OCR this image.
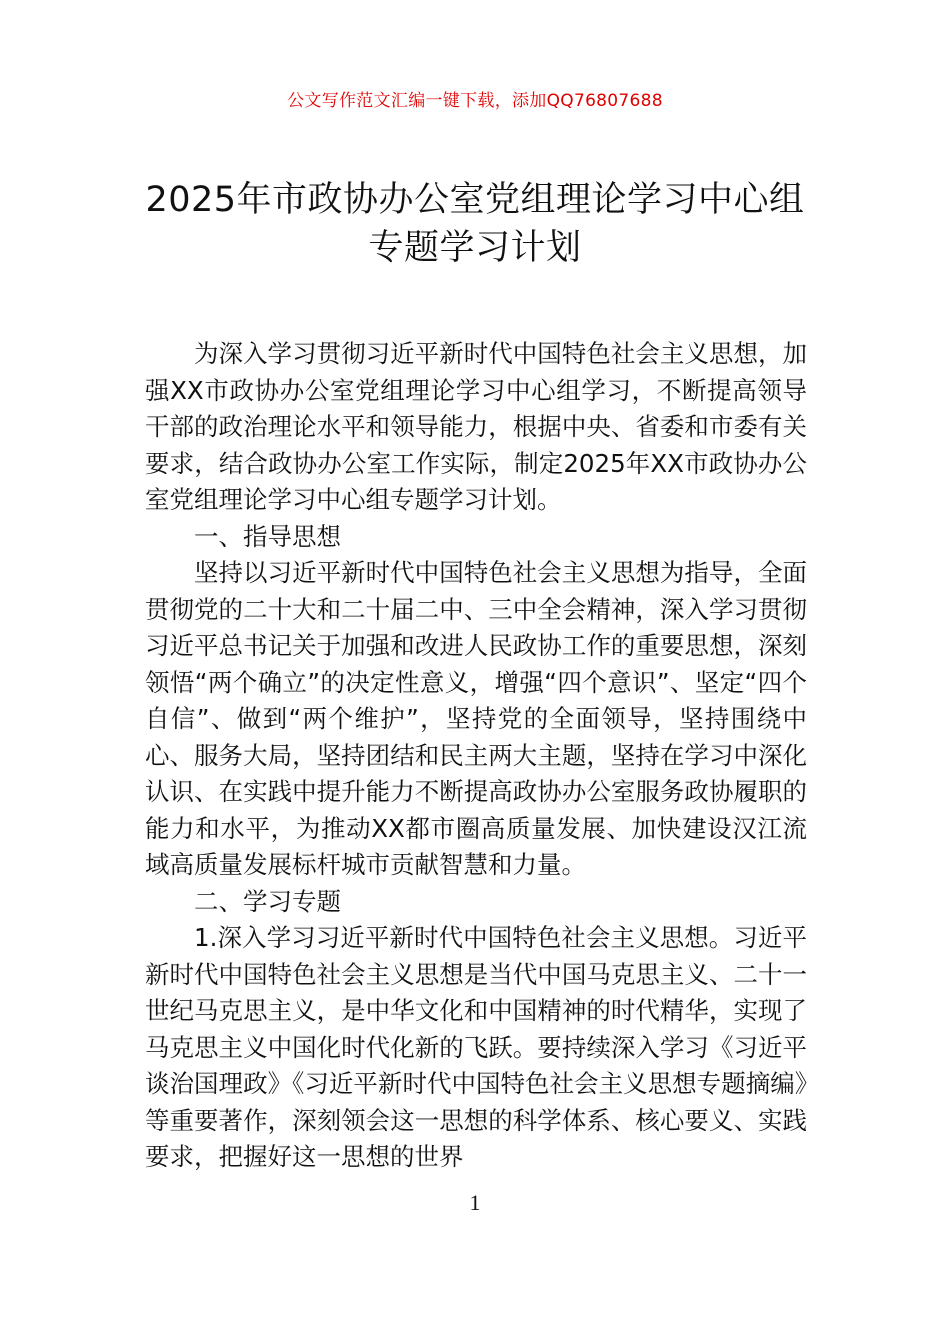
公文写作范文汇编一键下载，添加QQ76807688
2025年市政协办公室党组理论学习中心组
专题学习计划

为深入学习贯彻习近平新时代中国特色社会主义思想，加强XX市政协办公室党组理论学习中心组学习，不断提高领导干部的政治理论水平和领导能力，根据中央、省委和市委有关要求，结合政协办公室工作实际，制定2025年XX市政协办公室党组理论学习中心组专题学习计划。

一、指导思想

坚持以习近平新时代中国特色社会主义思想为指导，全面贯彻党的二十大和二十届二中、三中全会精神，深入学习贯彻习近平总书记关于加强和改进人民政协工作的重要思想，深刻领悟“两个确立”的决定性意义，增强“四个意识”、坚定“四个自信”、做到“两个维护”，坚持党的全面领导，坚持围绕中心、服务大局，坚持团结和民主两大主题，坚持在学习中深化认识、在实践中提升能力不断提高政协办公室服务政协履职的能力和水平，为推动XX都市圈高质量发展、加快建设汉江流域高质量发展标杆城市贡献智慧和力量。

二、学习专题

1.深入学习习近平新时代中国特色社会主义思想。习近平新时代中国特色社会主义思想是当代中国马克思主义、二十一世纪马克思主义，是中华文化和中国精神的时代精华，实现了马克思主义中国化时代化新的飞跃。要持续深入学习《习近平谈治国理政》《习近平新时代中国特色社会主义思想专题摘编》等重要著作，深刻领会这一思想的科学体系、核心要义、实践要求，把握好这一思想的世界

1
